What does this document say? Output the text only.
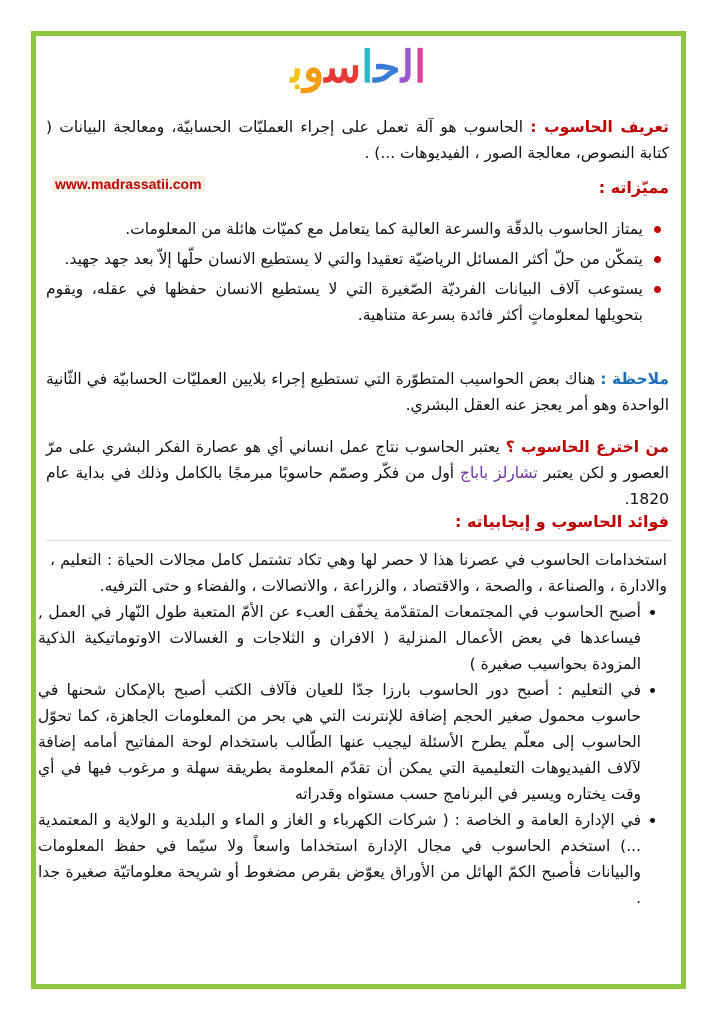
ا‍ل‍ح‍ا‍س‍و‍ب‍
تعريف الحاسوب : الحاسوب هو آلة تعمل على إجراء العمليّات الحسابيّة، ومعالجة البيانات ( كتابة النصوص، معالجة الصور ، الفيديوهات ...) .
www.madrassatii.com	مميّزاته :
يمتاز الحاسوب بالدقّة والسرعة العالية كما يتعامل مع كميّات هائلة من المعلومات.
يتمكّن من حلّ أكثر المسائل الرياضيّة تعقيدا والتي لا يستطيع الانسان حلّها إلاّ بعد جهد جهيد.
يستوعب آلاف البيانات الفرديّة الصّغيرة التي لا يستطيع الانسان حفظها في عقله، ويقوم بتحويلها لمعلوماتٍ أكثر فائدة بسرعة متناهية.
ملاحظة : هناك بعض الحواسيب المتطوّرة التي تستطيع إجراء بلايين العمليّات الحسابيّة في الثّانية الواحدة وهو أمر يعجز عنه العقل البشري.
من اخترع الحاسوب ؟ يعتبر الحاسوب نتاج عمل انساني أي هو عصارة الفكر البشري على مرّ العصور و لكن يعتبر تشارلز باباج أول من فكّر وصمّم حاسوبًا مبرمجًا بالكامل وذلك في بداية عام 1820.
فوائد الحاسوب و إيجابياته :

استخدامات الحاسوب في عصرنا هذا لا حصر لها وهي تكاد تشتمل كامل مجالات الحياة : التعليم ، والادارة ، والصناعة ، والصحة ، والاقتصاد ، والزراعة ، والاتصالات ، والفضاء و حتى الترفيه.

أصبح الحاسوب في المجتمعات المتقدّمة يخفّف العبء عن الأمّ المتعبة طول النّهار في العمل , فيساعدها في بعض الأعمال المنزلية ( الافران و الثلاجات و الغسالات الاوتوماتيكية الذكية المزودة بحواسيب صغيرة )

في التعليم : أصبح دور الحاسوب بارزا جدّا للعيان فآلاف الكتب أصبح بالإمكان شحنها في حاسوب محمول صغير الحجم إضافة للإنترنت التي هي بحر من المعلومات الجاهزة، كما تحوّل الحاسوب إلى معلّم يطرح الأسئلة ليجيب عنها الطّالب باستخدام لوحة المفاتيح أمامه إضافة لآلاف الفيديوهات التعليمية التي يمكن أن تقدّم المعلومة بطريقة سهلة و مرغوب فيها في أي وقت يختاره ويسير في البرنامج حسب مستواه وقدراته

في الإدارة العامة و الخاصة : ( شركات الكهرباء و الغاز و الماء و البلدية و الولاية و المعتمدية ...) استخدم الحاسوب في مجال الإدارة استخداما واسعاً ولا سيّما في حفظ المعلومات والبيانات فأصبح الكمّ الهائل من الأوراق يعوّض بقرص مضغوط أو شريحة معلوماتيّة صغيرة جدا .
